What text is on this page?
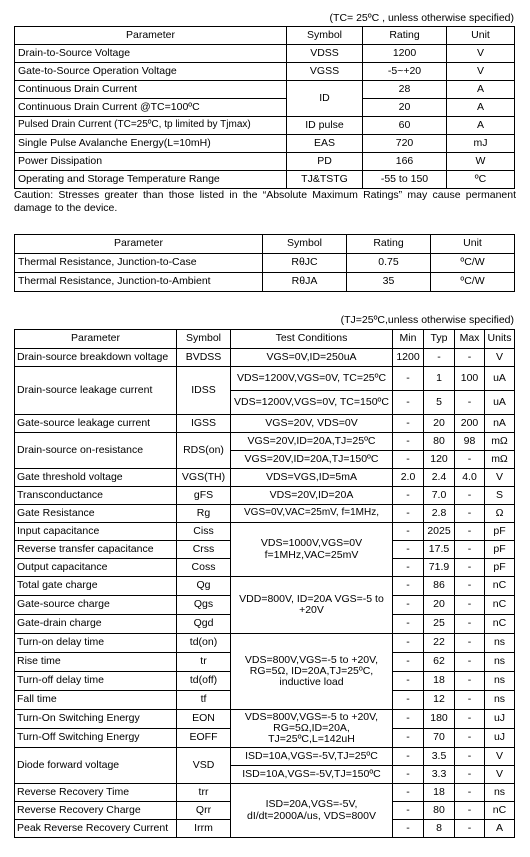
(TC= 25ºC , unless otherwise specified)
Parameter	Symbol	Rating	Unit
Drain-to-Source Voltage	VDSS	1200	V
Gate-to-Source Operation Voltage	VGSS	-5~+20	V
Continuous Drain Current	ID	28	A
Continuous Drain Current @TC=100ºC		20	A
Pulsed Drain Current (TC=25ºC, tp limited by Tjmax)	ID pulse	60	A
Single Pulse Avalanche Energy(L=10mH)	EAS	720	mJ
Power Dissipation	PD	166	W
Operating and Storage Temperature Range	TJ&TSTG	-55 to 150	ºC
Caution: Stresses greater than those listed in the “Absolute Maximum Ratings” may cause permanent damage to the device.
Parameter	Symbol	Rating	Unit
Thermal Resistance, Junction-to-Case	RθJC	0.75	ºC/W
Thermal Resistance, Junction-to-Ambient	RθJA	35	ºC/W
(TJ=25ºC,unless otherwise specified)
Parameter	Symbol	Test Conditions	Min	Typ	Max	Units
Drain-source breakdown voltage	BVDSS	VGS=0V,ID=250uA	1200	-	-	V
Drain-source leakage current	IDSS	VDS=1200V,VGS=0V, TC=25ºC	-	1	100	uA
		VDS=1200V,VGS=0V, TC=150ºC	-	5	-	uA
Gate-source leakage current	IGSS	VGS=20V, VDS=0V	-	20	200	nA
Drain-source on-resistance	RDS(on)	VGS=20V,ID=20A,TJ=25ºC	-	80	98	mΩ
		VGS=20V,ID=20A,TJ=150ºC	-	120	-	mΩ
Gate threshold voltage	VGS(TH)	VDS=VGS,ID=5mA	2.0	2.4	4.0	V
Transconductance	gFS	VDS=20V,ID=20A	-	7.0	-	S
Gate Resistance	Rg	VGS=0V,VAC=25mV, f=1MHz,	-	2.8	-	Ω
Input capacitance	Ciss	VDS=1000V,VGS=0V f=1MHz,VAC=25mV	-	2025	-	pF
Reverse transfer capacitance	Crss		-	17.5	-	pF
Output capacitance	Coss		-	71.9	-	pF
Total gate charge	Qg	VDD=800V, ID=20A VGS=-5 to +20V	-	86	-	nC
Gate-source charge	Qgs		-	20	-	nC
Gate-drain charge	Qgd		-	25	-	nC
Turn-on delay time	td(on)	VDS=800V,VGS=-5 to +20V, RG=5Ω, ID=20A,TJ=25ºC, inductive load	-	22	-	ns
Rise time	tr		-	62	-	ns
Turn-off delay time	td(off)		-	18	-	ns
Fall time	tf		-	12	-	ns
Turn-On Switching Energy	EON	VDS=800V,VGS=-5 to +20V, RG=5Ω,ID=20A, TJ=25ºC,L=142uH	-	180	-	uJ
Turn-Off Switching Energy	EOFF		-	70	-	uJ
Diode forward voltage	VSD	ISD=10A,VGS=-5V,TJ=25ºC	-	3.5	-	V
		ISD=10A,VGS=-5V,TJ=150ºC	-	3.3	-	V
Reverse Recovery Time	trr	ISD=20A,VGS=-5V, dI/dt=2000A/us, VDS=800V	-	18	-	ns
Reverse Recovery Charge	Qrr		-	80	-	nC
Peak Reverse Recovery Current	Irrm		-	8	-	A
